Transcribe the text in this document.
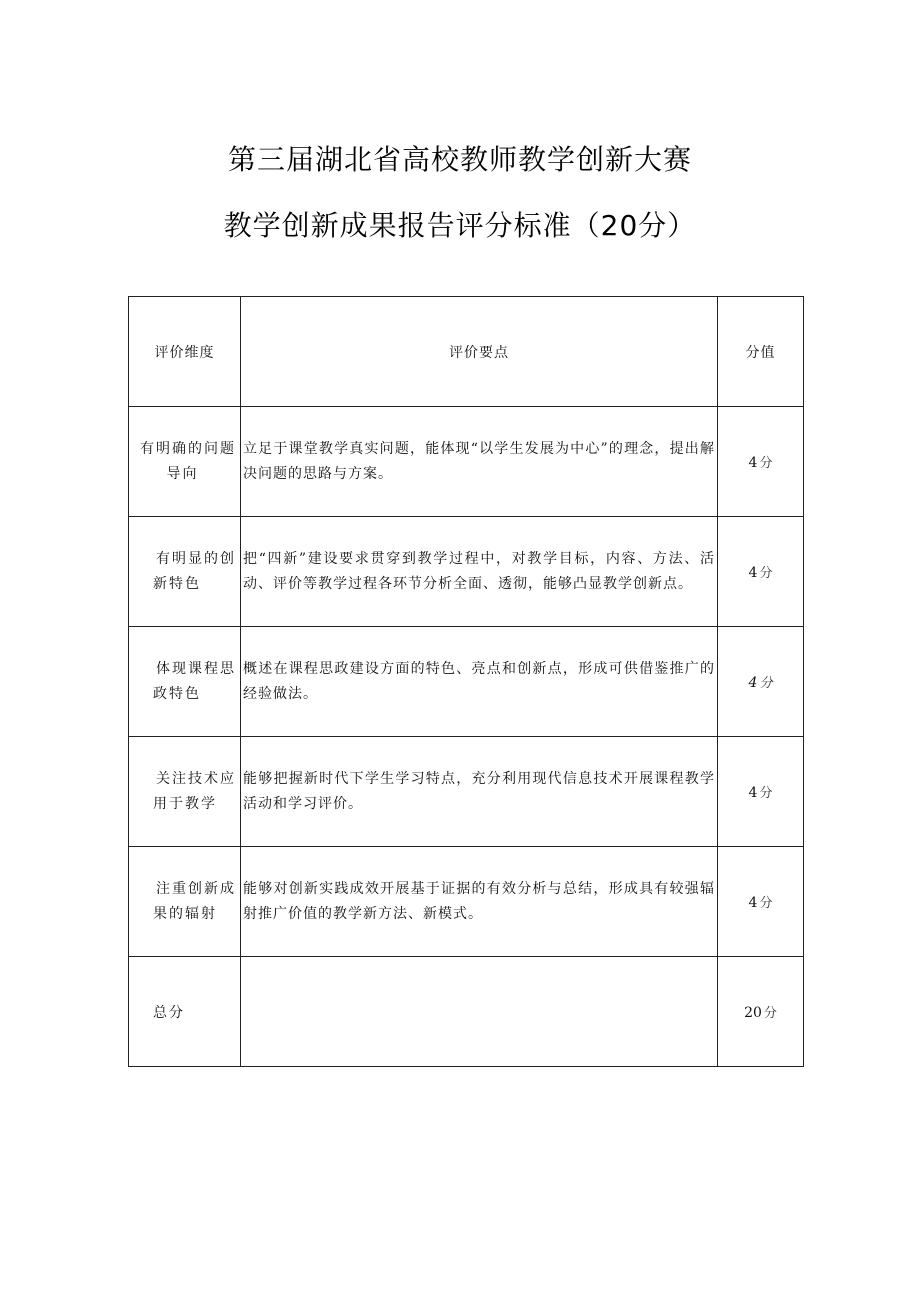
第三届湖北省高校教师教学创新大赛
教学创新成果报告评分标准（20分）
评价维度	评价要点	分值

有明确的问题
导向	立足于课堂教学真实问题，能体现“以学生发展为中心”的理念，提出解决问题的思路与方案。	4 分

有明显的创
新特色	把“四新”建设要求贯穿到教学过程中，对教学目标，内容、方法、活动、评价等教学过程各环节分析全面、透彻，能够凸显教学创新点。	4 分

体现课程思
政特色	概述在课程思政建设方面的特色、亮点和创新点，形成可供借鉴推广的经验做法。	4 分

关注技术应
用于教学	能够把握新时代下学生学习特点，充分利用现代信息技术开展课程教学活动和学习评价。	4 分

注重创新成
果的辐射	能够对创新实践成效开展基于证据的有效分析与总结，形成具有较强辐射推广价值的教学新方法、新模式。	4 分
总分		20 分
